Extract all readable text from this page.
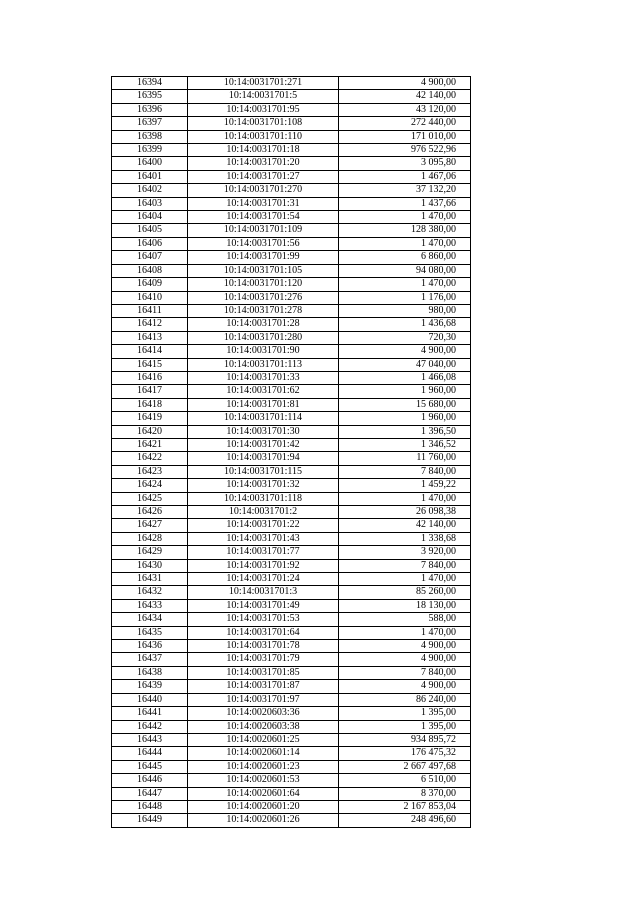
16394	10:14:0031701:271	4 900,00
16395	10:14:0031701:5	42 140,00
16396	10:14:0031701:95	43 120,00
16397	10:14:0031701:108	272 440,00
16398	10:14:0031701:110	171 010,00
16399	10:14:0031701:18	976 522,96
16400	10:14:0031701:20	3 095,80
16401	10:14:0031701:27	1 467,06
16402	10:14:0031701:270	37 132,20
16403	10:14:0031701:31	1 437,66
16404	10:14:0031701:54	1 470,00
16405	10:14:0031701:109	128 380,00
16406	10:14:0031701:56	1 470,00
16407	10:14:0031701:99	6 860,00
16408	10:14:0031701:105	94 080,00
16409	10:14:0031701:120	1 470,00
16410	10:14:0031701:276	1 176,00
16411	10:14:0031701:278	980,00
16412	10:14:0031701:28	1 436,68
16413	10:14:0031701:280	720,30
16414	10:14:0031701:90	4 900,00
16415	10:14:0031701:113	47 040,00
16416	10:14:0031701:33	1 466,08
16417	10:14:0031701:62	1 960,00
16418	10:14:0031701:81	15 680,00
16419	10:14:0031701:114	1 960,00
16420	10:14:0031701:30	1 396,50
16421	10:14:0031701:42	1 346,52
16422	10:14:0031701:94	11 760,00
16423	10:14:0031701:115	7 840,00
16424	10:14:0031701:32	1 459,22
16425	10:14:0031701:118	1 470,00
16426	10:14:0031701:2	26 098,38
16427	10:14:0031701:22	42 140,00
16428	10:14:0031701:43	1 338,68
16429	10:14:0031701:77	3 920,00
16430	10:14:0031701:92	7 840,00
16431	10:14:0031701:24	1 470,00
16432	10:14:0031701:3	85 260,00
16433	10:14:0031701:49	18 130,00
16434	10:14:0031701:53	588,00
16435	10:14:0031701:64	1 470,00
16436	10:14:0031701:78	4 900,00
16437	10:14:0031701:79	4 900,00
16438	10:14:0031701:85	7 840,00
16439	10:14:0031701:87	4 900,00
16440	10:14:0031701:97	86 240,00
16441	10:14:0020603:36	1 395,00
16442	10:14:0020603:38	1 395,00
16443	10:14:0020601:25	934 895,72
16444	10:14:0020601:14	176 475,32
16445	10:14:0020601:23	2 667 497,68
16446	10:14:0020601:53	6 510,00
16447	10:14:0020601:64	8 370,00
16448	10:14:0020601:20	2 167 853,04
16449	10:14:0020601:26	248 496,60
